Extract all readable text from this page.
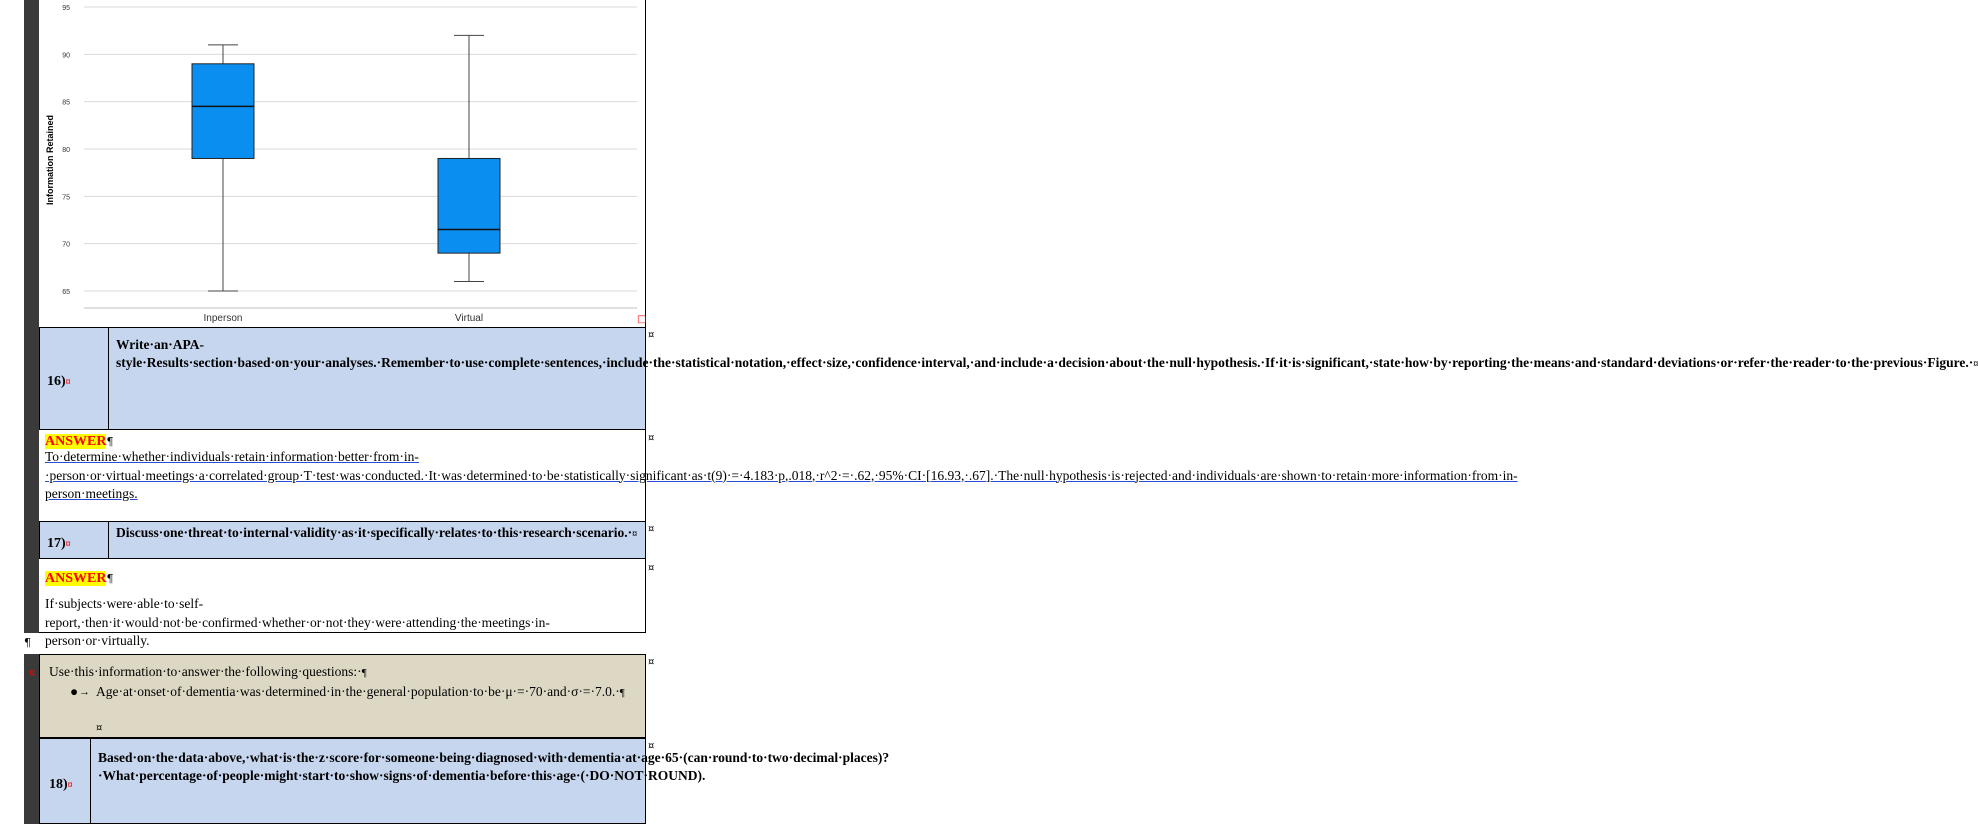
65
70
75
80
85
90
95
Inperson	Virtual
Information Retained
□
16)¤
Write·an·APA-style·Results·section·based·on·your·analyses.·Remember·to·use·complete·sentences,·include·the·statistical·notation,·effect·size,·confidence·interval,·and·include·a·decision·about·the·null·hypothesis.·If·it·is·significant,·state·how·by·reporting·the·means·and·standard·deviations·or·refer·the·reader·to·the·previous·Figure.·¤
¤
ANSWER¶
To·determine·whether·individuals·retain·information·better·from·in-·person·or·virtual·meetings·a·correlated·group·T·test·was·conducted.·It·was·determined·to·be·statistically·significant·as·t(9)·=·4.183·p,.018,·r^2·=·.62,·95%·CI·[16.93,·.67].·The·null·hypothesis·is·rejected·and·individuals·are·shown·to·retain·more·information·from·in-person·meetings.
¤
17)¤
Discuss·one·threat·to·internal·validity·as·it·specifically·relates·to·this·research·scenario.·¤ ¤
ANSWER¶
If·subjects·were·able·to·self-report,·then·it·would·not·be·confirmed·whether·or·not·they·were·attending·the·meetings·in-person·or·virtually.
¤
¶
Use·this·information·to·answer·the·following·questions:·¶
● → Age·at·onset·of·dementia·was·determined·in·the·general·population·to·be·μ·=·70·and·σ·=·7.0.·¶
¤
¤
¤
18)¤
Based·on·the·data·above,·what·is·the·z·score·for·someone·being·diagnosed·with·dementia·at·age·65·(can·round·to·two·decimal·places)?·What·percentage·of·people·might·start·to·show·signs·of·dementia·before·this·age·(·DO·NOT·ROUND).
¤
